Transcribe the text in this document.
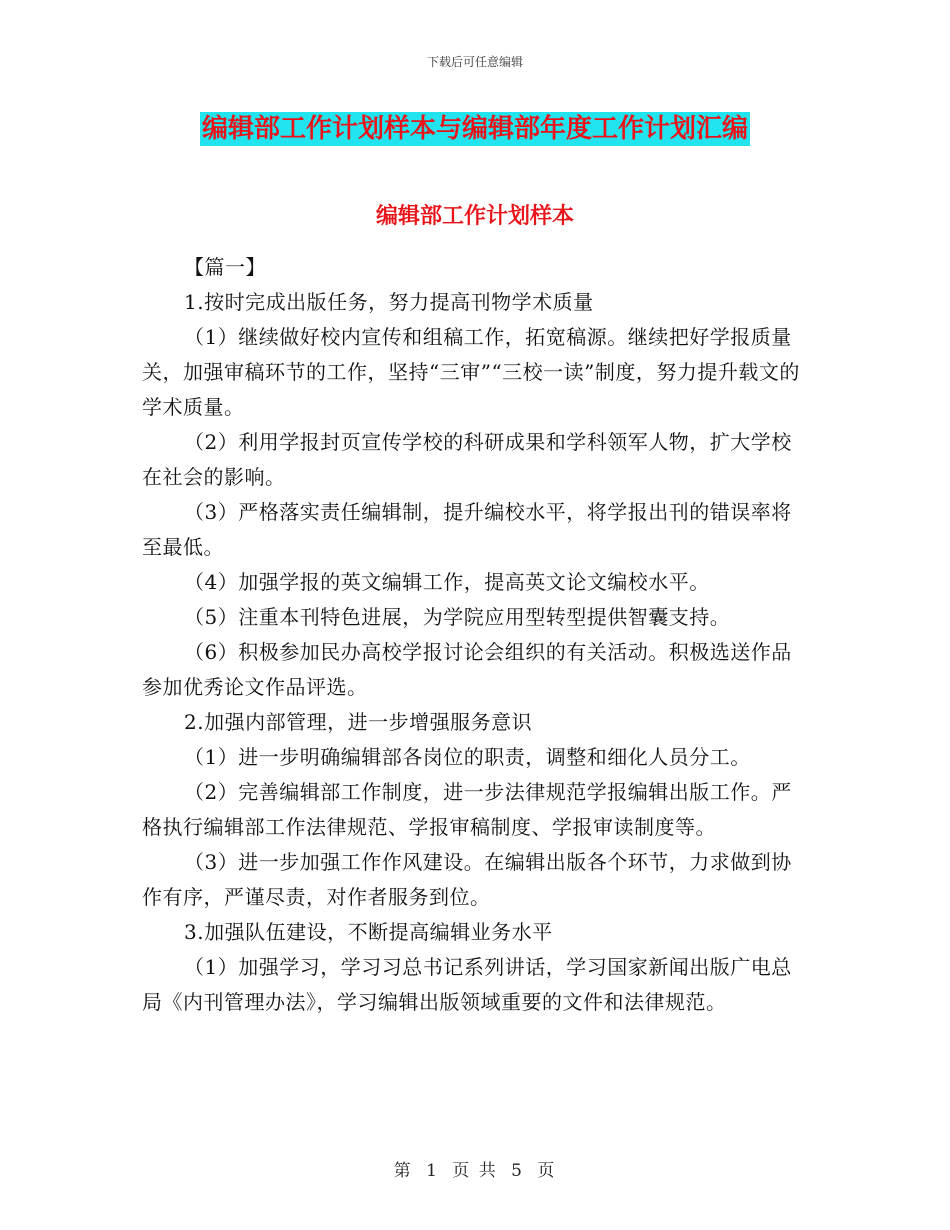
下载后可任意编辑
编辑部工作计划样本与编辑部年度工作计划汇编
编辑部工作计划样本

【篇一】

1.按时完成出版任务，努力提高刊物学术质量

（1）继续做好校内宣传和组稿工作，拓宽稿源。继续把好学报质量关，加强审稿环节的工作，坚持“三审”“三校一读”制度，努力提升载文的学术质量。

（2）利用学报封页宣传学校的科研成果和学科领军人物，扩大学校在社会的影响。

（3）严格落实责任编辑制，提升编校水平，将学报出刊的错误率将至最低。

（4）加强学报的英文编辑工作，提高英文论文编校水平。

（5）注重本刊特色进展，为学院应用型转型提供智囊支持。

（6）积极参加民办高校学报讨论会组织的有关活动。积极选送作品参加优秀论文作品评选。

2.加强内部管理，进一步增强服务意识

（1）进一步明确编辑部各岗位的职责，调整和细化人员分工。

（2）完善编辑部工作制度，进一步法律规范学报编辑出版工作。严格执行编辑部工作法律规范、学报审稿制度、学报审读制度等。

（3）进一步加强工作作风建设。在编辑出版各个环节，力求做到协作有序，严谨尽责，对作者服务到位。

3.加强队伍建设，不断提高编辑业务水平

（1）加强学习，学习习总书记系列讲话，学习国家新闻出版广电总局《内刊管理办法》，学习编辑出版领域重要的文件和法律规范。

第 1 页 共 5 页
